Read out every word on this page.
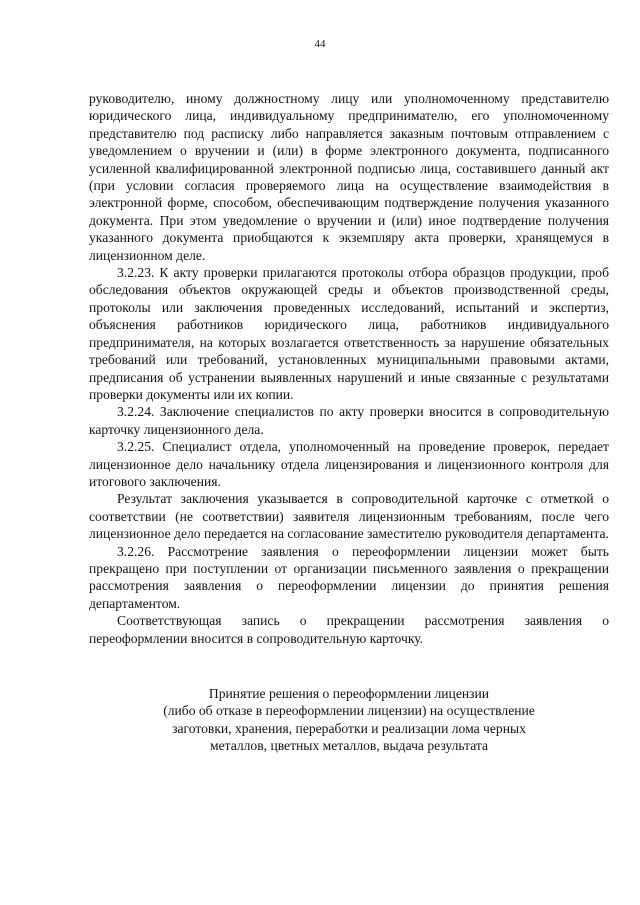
44

руководителю, иному должностному лицу или уполномоченному представителю юридического лица, индивидуальному предпринимателю, его уполномоченному представителю под расписку либо направляется заказным почтовым отправлением с уведомлением о вручении и (или) в форме электронного документа, подписанного усиленной квалифицированной электронной подписью лица, составившего данный акт (при условии согласия проверяемого лица на осуществление взаимодействия в электронной форме, способом, обеспечивающим подтверждение получения указанного документа. При этом уведомление о вручении и (или) иное подтвердение получения указанного документа приобщаются к экземпляру акта проверки, хранящемуся в лицензионном деле.

3.2.23. К акту проверки прилагаются протоколы отбора образцов продукции, проб обследования объектов окружающей среды и объектов производственной среды, протоколы или заключения проведенных исследований, испытаний и экспертиз, объяснения работников юридического лица, работников индивидуального предпринимателя, на которых возлагается ответственность за нарушение обязательных требований или требований, установленных муниципальными правовыми актами, предписания об устранении выявленных нарушений и иные связанные с результатами проверки документы или их копии.

3.2.24. Заключение специалистов по акту проверки вносится в сопроводительную карточку лицензионного дела.

3.2.25. Специалист отдела, уполномоченный на проведение проверок, передает лицензионное дело начальнику отдела лицензирования и лицензионного контроля для итогового заключения.

Результат заключения указывается в сопроводительной карточке с отметкой о соответствии (не соответствии) заявителя лицензионным требованиям, после чего лицензионное дело передается на согласование заместителю руководителя департамента.

3.2.26. Рассмотрение заявления о переоформлении лицензии может быть прекращено при поступлении от организации письменного заявления о прекращении рассмотрения заявления о переоформлении лицензии до принятия решения департаментом.

Соответствующая запись о прекращении рассмотрения заявления о переоформлении вносится в сопроводительную карточку.

Принятие решения о переоформлении лицензии
(либо об отказе в переоформлении лицензии) на осуществление
заготовки, хранения, переработки и реализации лома черных
металлов, цветных металлов, выдача результата
